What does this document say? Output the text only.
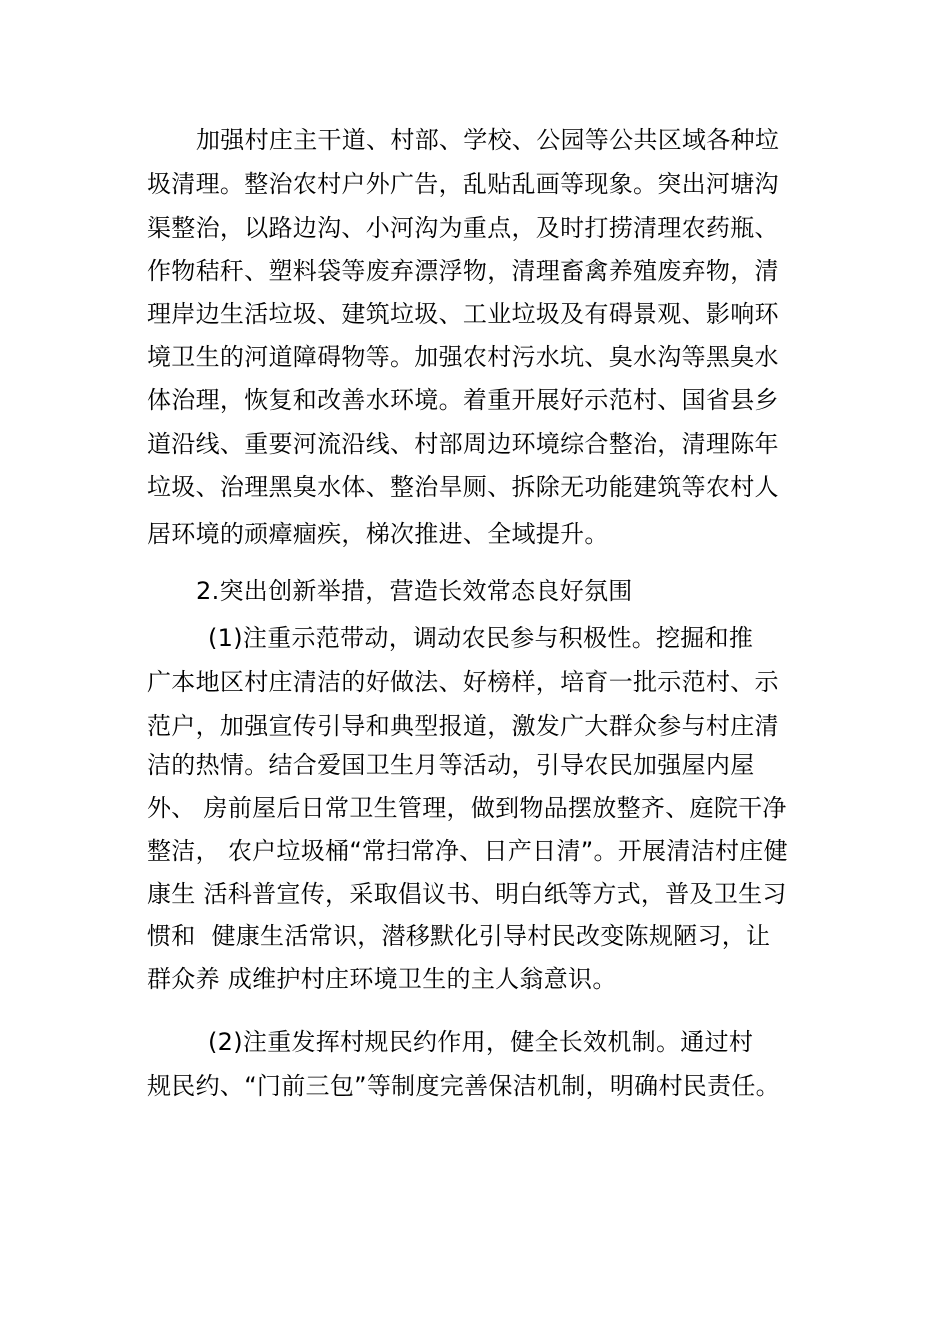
加强村庄主干道、村部、学校、公园等公共区域各种垃
圾清理。整治农村户外广告，乱贴乱画等现象。突出河塘沟
渠整治，以路边沟、小河沟为重点，及时打捞清理农药瓶、
作物秸秆、塑料袋等废弃漂浮物，清理畜禽养殖废弃物，清
理岸边生活垃圾、建筑垃圾、工业垃圾及有碍景观、影响环
境卫生的河道障碍物等。加强农村污水坑、臭水沟等黑臭水
体治理，恢复和改善水环境。着重开展好示范村、国省县乡
道沿线、重要河流沿线、村部周边环境综合整治，清理陈年
垃圾、治理黑臭水体、整治旱厕、拆除无功能建筑等农村人
居环境的顽瘴痼疾，梯次推进、全域提升。
2.突出创新举措，营造长效常态良好氛围
(1)注重示范带动，调动农民参与积极性。挖掘和推
广本地区村庄清洁的好做法、好榜样，培育一批示范村、示
范户，加强宣传引导和典型报道，激发广大群众参与村庄清
洁的热情。结合爱国卫生月等活动，引导农民加强屋内屋
外、 房前屋后日常卫生管理，做到物品摆放整齐、庭院干净
整洁， 农户垃圾桶“常扫常净、日产日清”。开展清洁村庄健
康生 活科普宣传，采取倡议书、明白纸等方式，普及卫生习
惯和  健康生活常识，潜移默化引导村民改变陈规陋习，让
群众养 成维护村庄环境卫生的主人翁意识。
(2)注重发挥村规民约作用，健全长效机制。通过村
规民约、“门前三包”等制度完善保洁机制，明确村民责任。
